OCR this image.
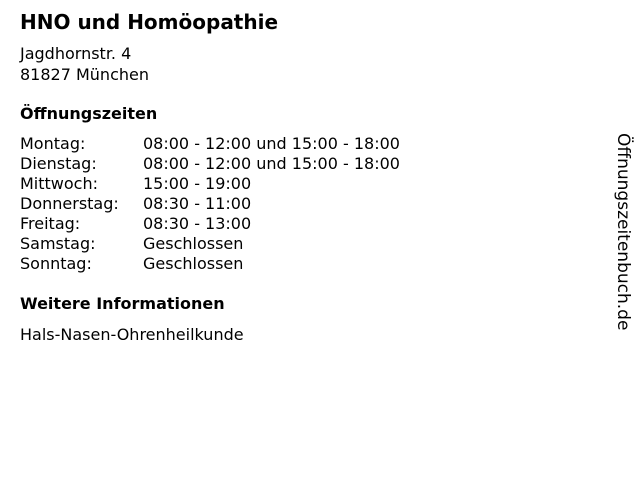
HNO und Homöopathie
Jagdhornstr. 4
81827 München
Öffnungszeiten
Montag:	08:00 - 12:00 und 15:00 - 18:00
Dienstag:	08:00 - 12:00 und 15:00 - 18:00
Mittwoch:	15:00 - 19:00
Donnerstag: 08:30 - 11:00
Freitag:	08:30 - 13:00
Samstag:	Geschlossen
Sonntag:	Geschlossen
Weitere Informationen
Hals-Nasen-Ohrenheilkunde
Öffnungszeitenbuch.de
